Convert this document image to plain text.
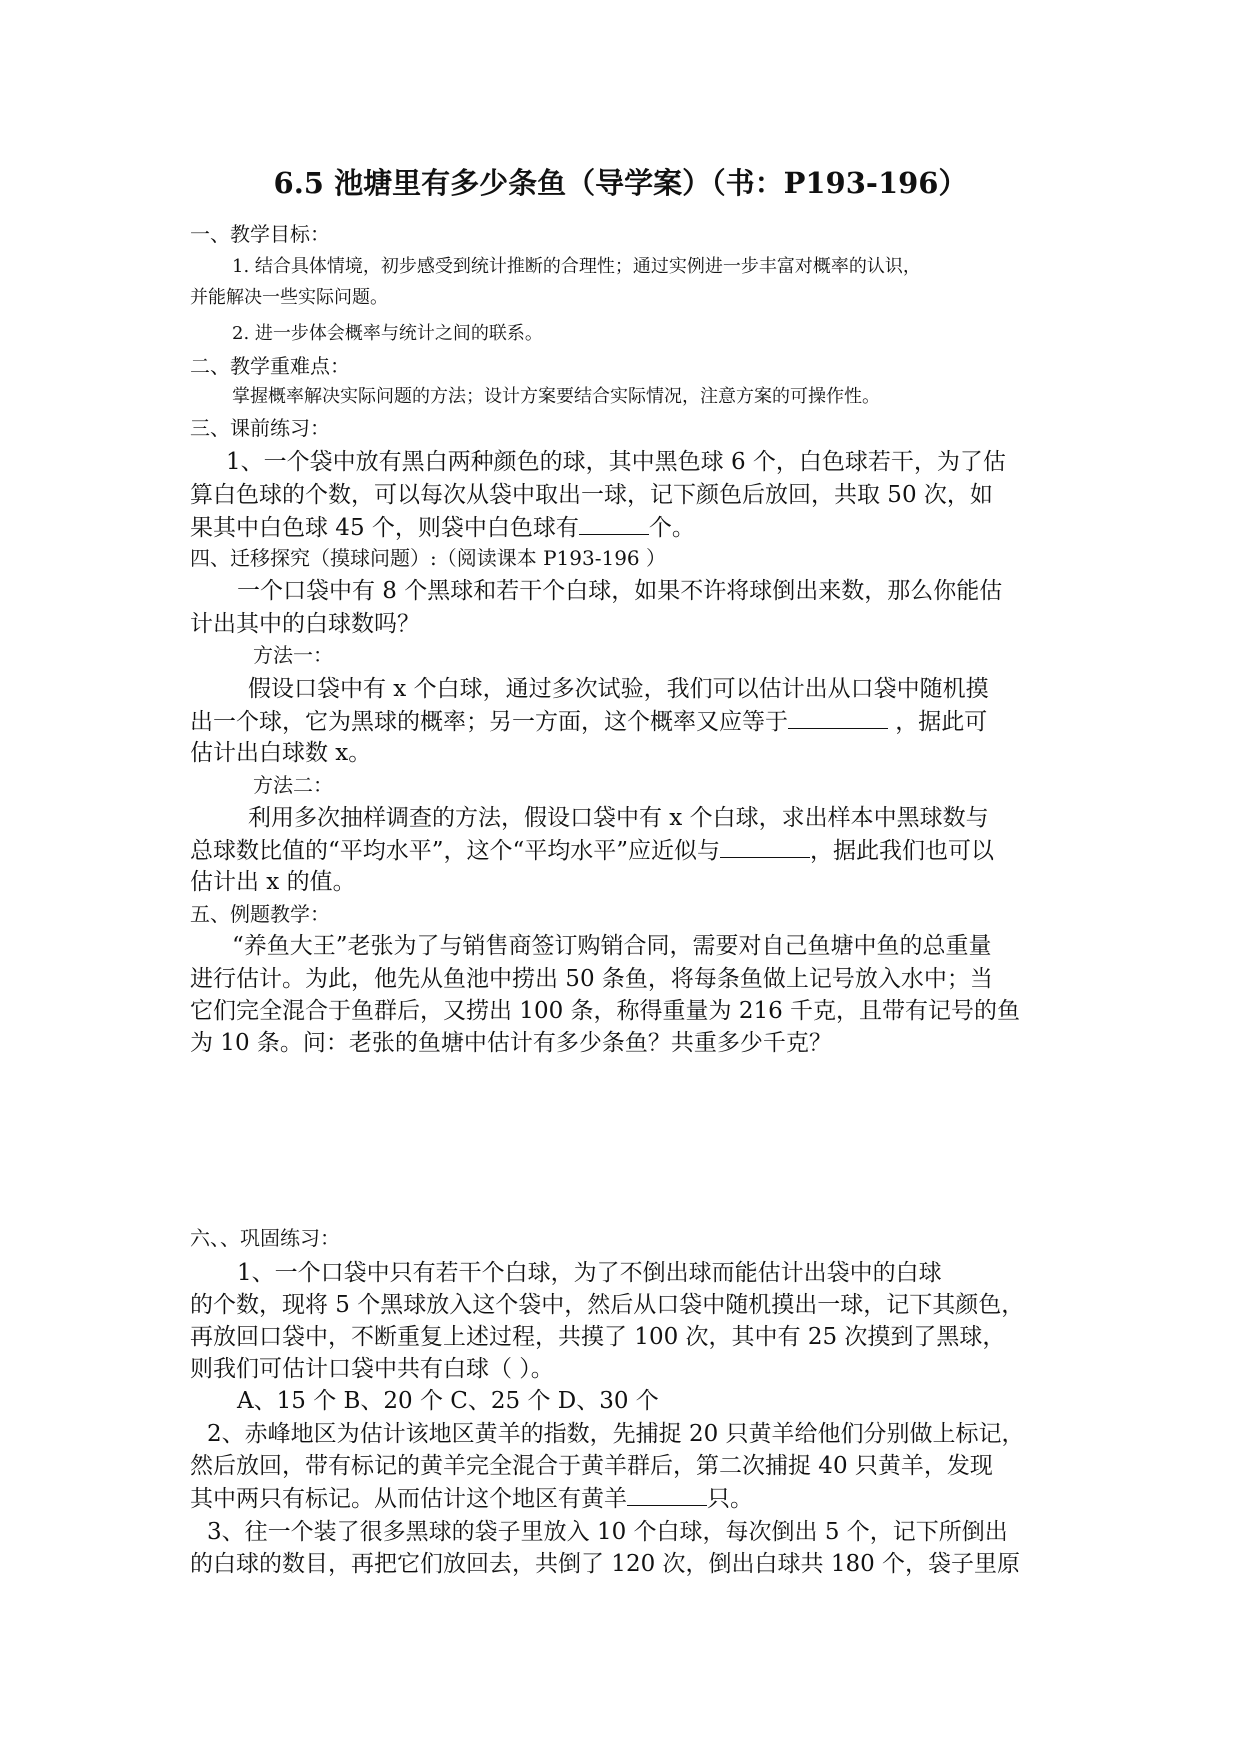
6.5 池塘里有多少条鱼（导学案）（书：P193-196）
一、教学目标：
1. 结合具体情境，初步感受到统计推断的合理性；通过实例进一步丰富对概率的认识，
并能解决一些实际问题。
2. 进一步体会概率与统计之间的联系。
二、教学重难点：
掌握概率解决实际问题的方法；设计方案要结合实际情况，注意方案的可操作性。
三、课前练习：
1、一个袋中放有黑白两种颜色的球，其中黑色球 6 个，白色球若干，为了估
算白色球的个数，可以每次从袋中取出一球，记下颜色后放回，共取 50 次，如
果其中白色球 45 个，则袋中白色球有	个。
四、迁移探究（摸球问题）:（阅读课本 P193-196 ）
一个口袋中有 8 个黑球和若干个白球，如果不许将球倒出来数，那么你能估
计出其中的白球数吗？
方法一：
假设口袋中有 x 个白球，通过多次试验，我们可以估计出从口袋中随机摸
出一个球，它为黑球的概率；另一方面，这个概率又应等于	，据此可
估计出白球数 x。
方法二：
利用多次抽样调查的方法，假设口袋中有 x 个白球，求出样本中黑球数与
总球数比值的“平均水平”，这个“平均水平”应近似与	，据此我们也可以
估计出 x 的值。
五、例题教学：
“养鱼大王”老张为了与销售商签订购销合同，需要对自己鱼塘中鱼的总重量
进行估计。为此，他先从鱼池中捞出 50 条鱼，将每条鱼做上记号放入水中；当
它们完全混合于鱼群后，又捞出 100 条，称得重量为 216 千克，且带有记号的鱼
为 10 条。问：老张的鱼塘中估计有多少条鱼？共重多少千克？
六、、巩固练习：
1、一个口袋中只有若干个白球，为了不倒出球而能估计出袋中的白球
的个数，现将 5 个黑球放入这个袋中，然后从口袋中随机摸出一球，记下其颜色，
再放回口袋中，不断重复上述过程，共摸了 100 次，其中有 25 次摸到了黑球，
则我们可估计口袋中共有白球（ ）。
A、15 个 B、20 个 C、25 个 D、30 个
2、赤峰地区为估计该地区黄羊的指数，先捕捉 20 只黄羊给他们分别做上标记，
然后放回，带有标记的黄羊完全混合于黄羊群后，第二次捕捉 40 只黄羊，发现
其中两只有标记。从而估计这个地区有黄羊	只。
3、往一个装了很多黑球的袋子里放入 10 个白球，每次倒出 5 个，记下所倒出
的白球的数目，再把它们放回去，共倒了 120 次，倒出白球共 180 个，袋子里原
